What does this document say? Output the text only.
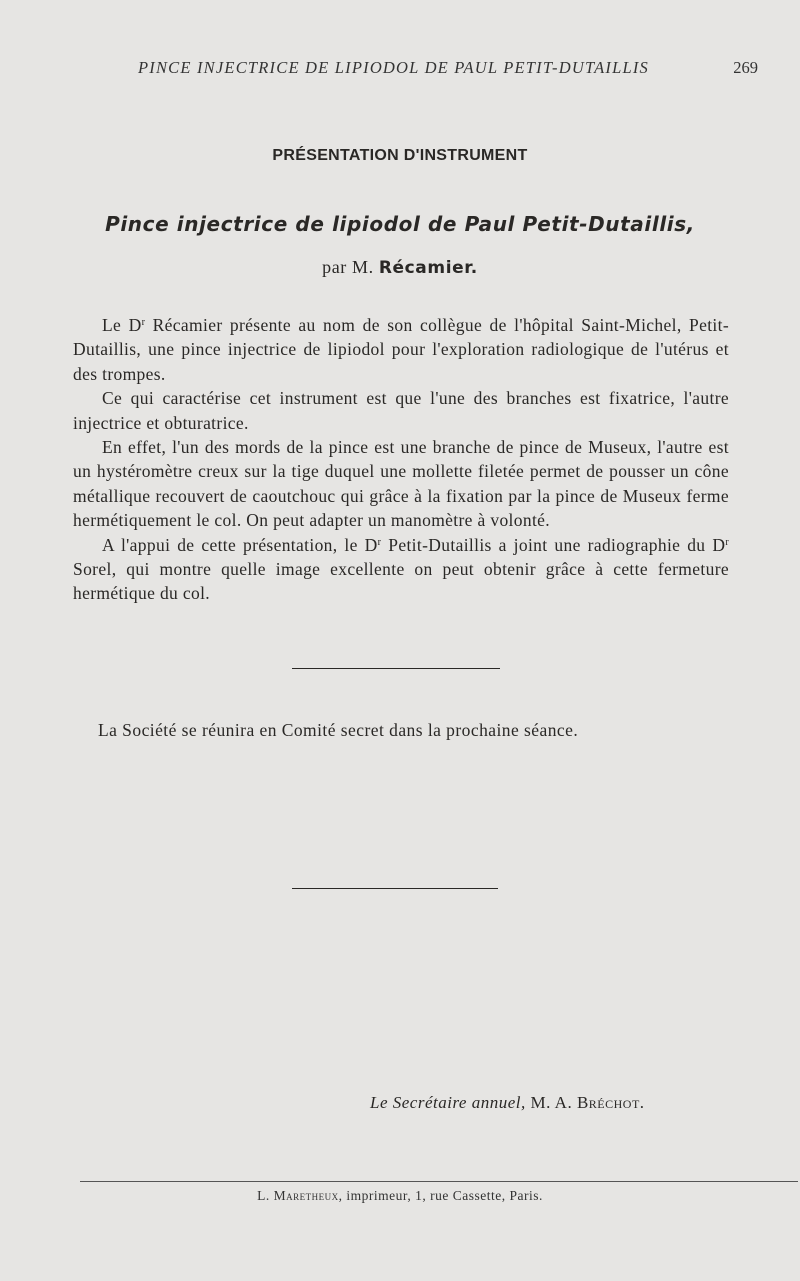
PINCE INJECTRICE DE LIPIODOL DE PAUL PETIT-DUTAILLIS	269
PRÉSENTATION D'INSTRUMENT
Pince injectrice de lipiodol de Paul Petit-Dutaillis,
par M. Récamier.

Le $D^r$ Récamier présente au nom de son collègue de l'hôpital Saint-Michel, Petit-Dutaillis, une pince injectrice de lipiodol pour l'exploration radiologique de l'utérus et des trompes.

Ce qui caractérise cet instrument est que l'une des branches est fixatrice, l'autre injectrice et obturatrice.

En effet, l'un des mords de la pince est une branche de pince de Museux, l'autre est un hystéromètre creux sur la tige duquel une mollette filetée permet de pousser un cône métallique recouvert de caoutchouc qui grâce à la fixation par la pince de Museux ferme hermétiquement le col. On peut adapter un manomètre à volonté.

A l'appui de cette présentation, le $D^r$ Petit-Dutaillis a joint une radiographie du $D^r$ Sorel, qui montre quelle image excellente on peut obtenir grâce à cette fermeture hermétique du col.

La Société se réunira en Comité secret dans la prochaine séance.
Le Secrétaire annuel, M. A. Bréchot.
L. Maretheux, imprimeur, 1, rue Cassette, Paris.
